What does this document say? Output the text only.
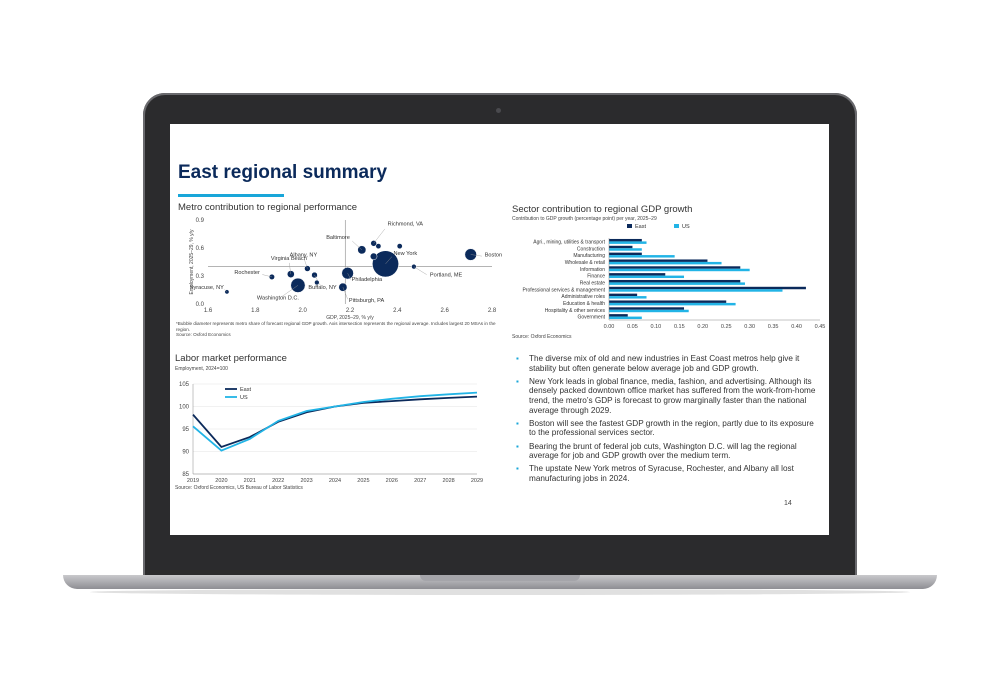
East regional summary
Metro contribution to regional performance
0.0
0.3
0.6
0.9
1.6	1.8	2.0	2.2	2.4	2.6	2.8
GDP, 2025–29, % y/y
Employment, 2025–29, % y/y	Boston
New York
Richmond, VA
Baltimore
Philadelphia
Pittsburgh, PA
Portland, ME
Albany, NY
Virginia Beach
Rochester
Washington D.C.
Buffalo, NY
Syracuse, NY
*Bubble diameter represents metro share of forecast regional GDP growth. Axis intersection represents the regional average. Includes largest 20 MSAs in the region.
Source: Oxford Economics
Sector contribution to regional GDP growth
Contribution to GDP growth (percentage point) per year, 2025–29
East	US
Agri., mining, utilities & transport
Construction
Manufacturing
Wholesale & retail
Information
Finance
Real estate
Professional services & management
Administrative roles
Education & health
Hospitality & other services
Government
0.00 0.05 0.10 0.15 0.20 0.25 0.30 0.35 0.40 0.45
Source: Oxford Economics
Labor market performance
Employment, 2024=100
85
90
95
100
105
2019	2020	2021	2022	2023	2024	2025	2026	2027	2028	2029
East
US
Source: Oxford Economics, US Bureau of Labor Statistics
▪ The diverse mix of old and new industries in East Coast metros help give it stability but often generate below average job and GDP growth.
▪ New York leads in global finance, media, fashion, and advertising. Although its densely packed downtown office market has suffered from the work-from-home trend, the metro’s GDP is forecast to grow marginally faster than the national average through 2029.
▪ Boston will see the fastest GDP growth in the region, partly due to its exposure to the professional services sector.
▪ Bearing the brunt of federal job cuts, Washington D.C. will lag the regional average for job and GDP growth over the medium term.
▪ The upstate New York metros of Syracuse, Rochester, and Albany all lost manufacturing jobs in 2024.
14
